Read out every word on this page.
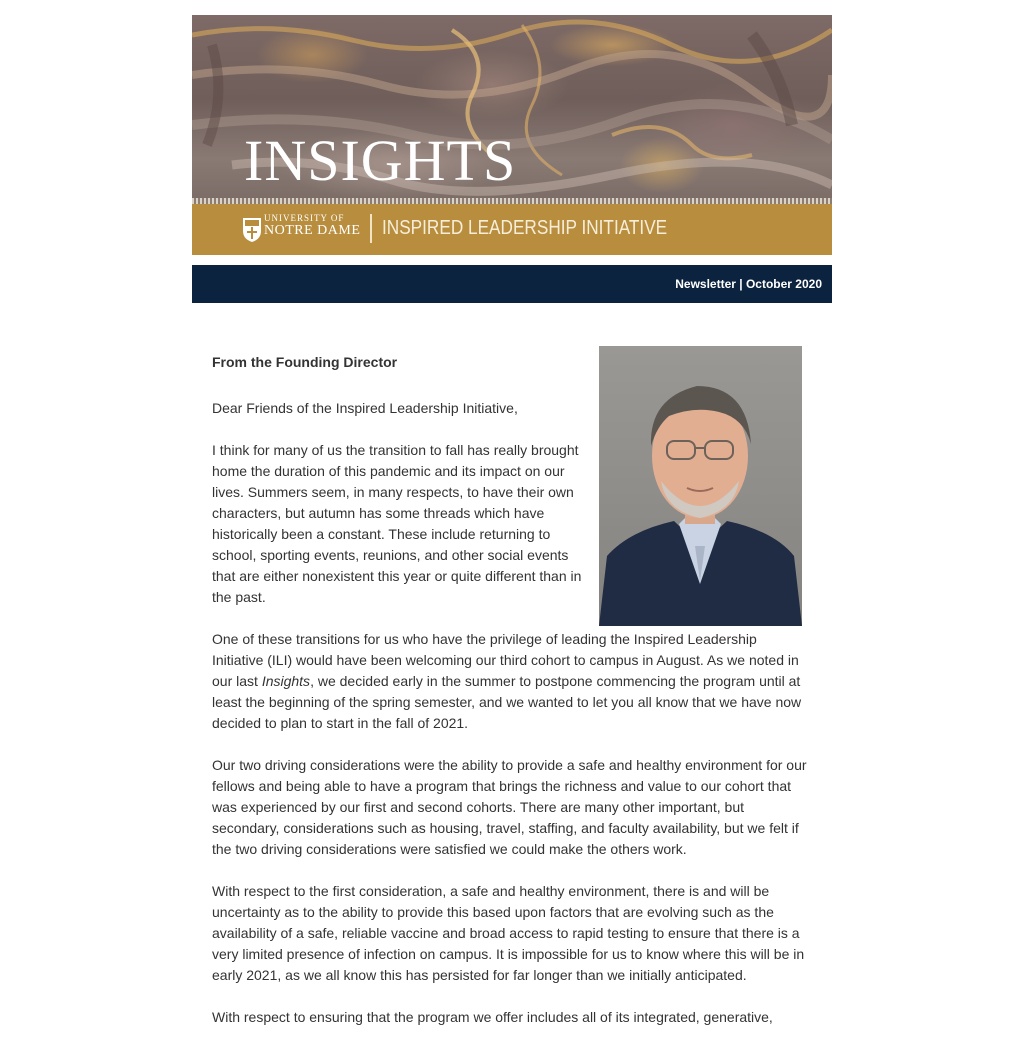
INSIGHTS
UNIVERSITY OF
NOTRE DAME	INSPIRED LEADERSHIP INITIATIVE
Newsletter | October 2020
From the Founding Director

Dear Friends of the Inspired Leadership Initiative,

I think for many of us the transition to fall has really brought home the duration of this pandemic and its impact on our lives. Summers seem, in many respects, to have their own characters, but autumn has some threads which have historically been a constant. These include returning to school, sporting events, reunions, and other social events that are either nonexistent this year or quite different than in the past.

One of these transitions for us who have the privilege of leading the Inspired Leadership Initiative (ILI) would have been welcoming our third cohort to campus in August. As we noted in our last Insights, we decided early in the summer to postpone commencing the program until at least the beginning of the spring semester, and we wanted to let you all know that we have now decided to plan to start in the fall of 2021.

Our two driving considerations were the ability to provide a safe and healthy environment for our fellows and being able to have a program that brings the richness and value to our cohort that was experienced by our first and second cohorts. There are many other important, but secondary, considerations such as housing, travel, staffing, and faculty availability, but we felt if the two driving considerations were satisfied we could make the others work.

With respect to the first consideration, a safe and healthy environment, there is and will be uncertainty as to the ability to provide this based upon factors that are evolving such as the availability of a safe, reliable vaccine and broad access to rapid testing to ensure that there is a very limited presence of infection on campus. It is impossible for us to know where this will be in early 2021, as we all know this has persisted for far longer than we initially anticipated.

With respect to ensuring that the program we offer includes all of its integrated, generative,
